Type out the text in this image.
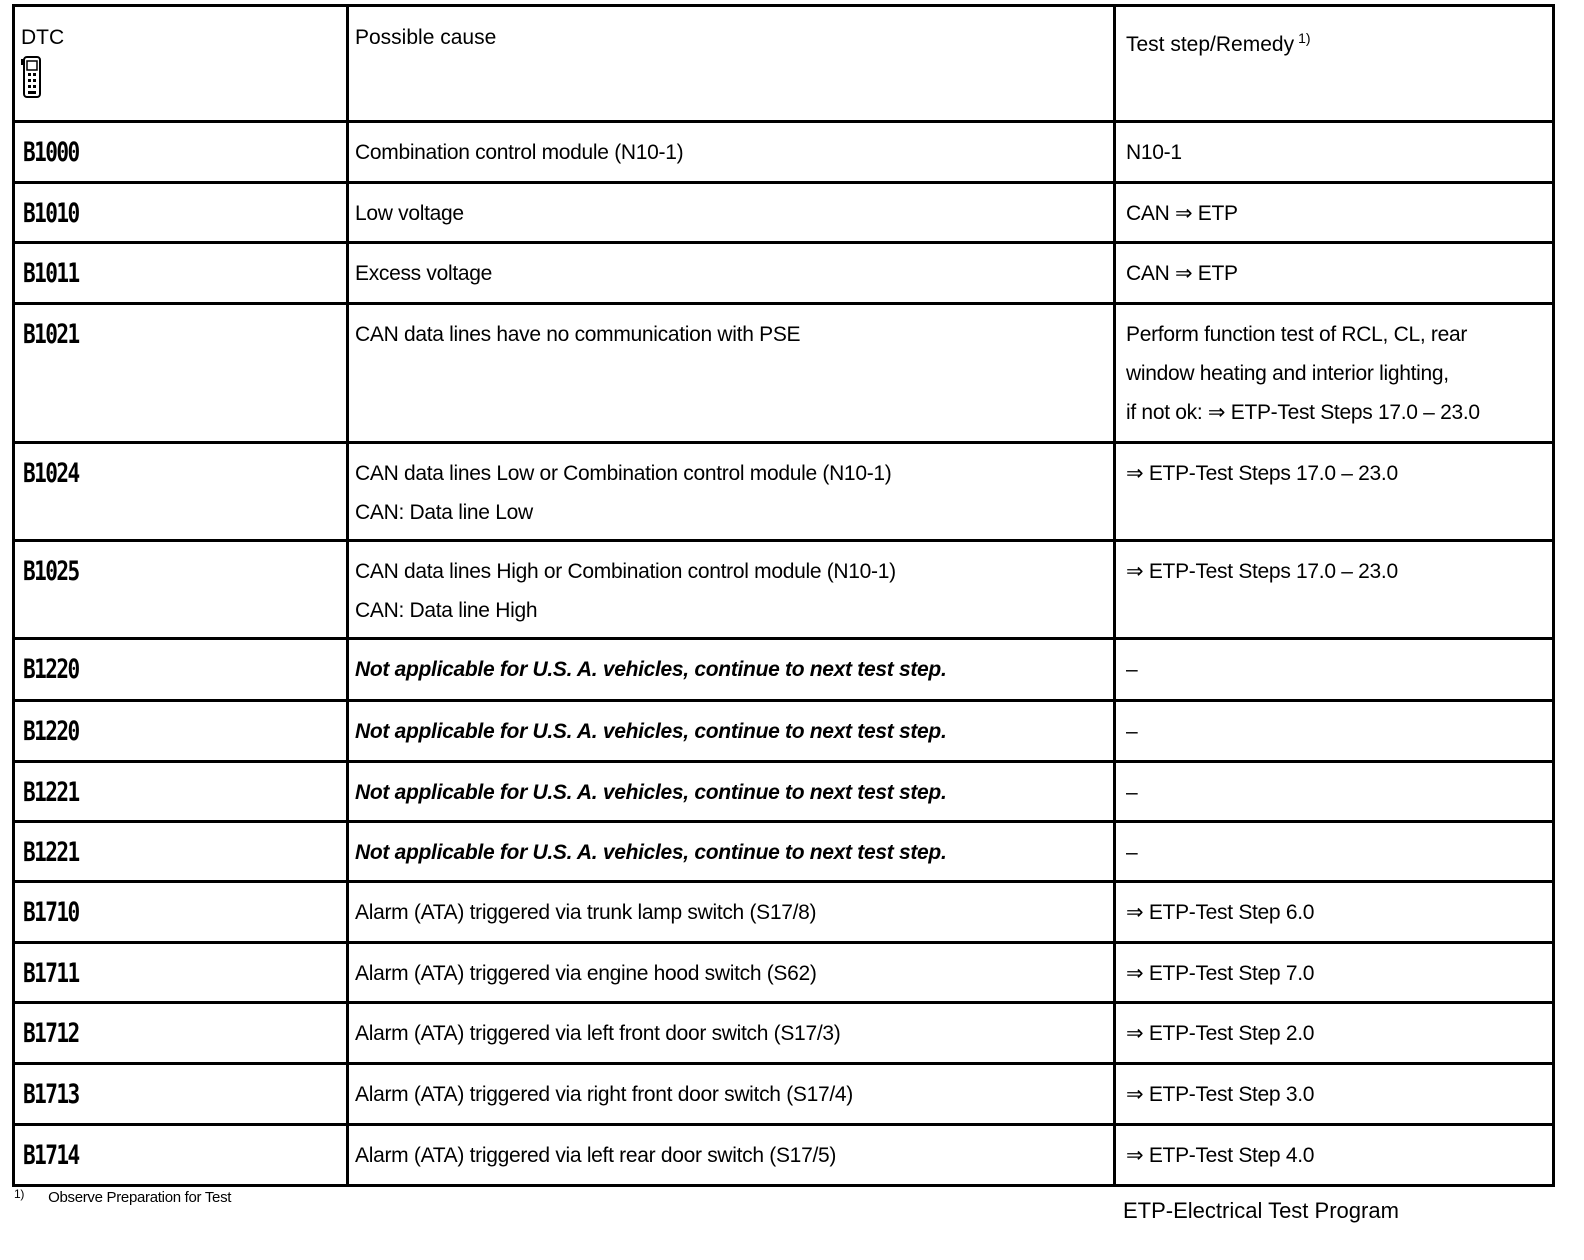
DTC	Possible cause	Test step/Remedy $^{1)}$

B1000	Combination control module (N10-1)	N10-1

B1010	Low voltage	CAN ⇒ ETP

B1011	Excess voltage	CAN ⇒ ETP

B1021	CAN data lines have no communication with PSE	Perform function test of RCL, CL, rear
window heating and interior lighting,
if not ok: ⇒ ETP-Test Steps 17.0 – 23.0

B1024	CAN data lines Low or Combination control module (N10-1)
CAN: Data line Low	⇒ ETP-Test Steps 17.0 – 23.0

B1025	CAN data lines High or Combination control module (N10-1)
CAN: Data line High	⇒ ETP-Test Steps 17.0 – 23.0

B1220	Not applicable for U.S. A. vehicles, continue to next test step.	–

B1220	Not applicable for U.S. A. vehicles, continue to next test step.	–

B1221	Not applicable for U.S. A. vehicles, continue to next test step.	–

B1221	Not applicable for U.S. A. vehicles, continue to next test step.	–

B1710	Alarm (ATA) triggered via trunk lamp switch (S17/8)	⇒ ETP-Test Step 6.0

B1711	Alarm (ATA) triggered via engine hood switch (S62)	⇒ ETP-Test Step 7.0

B1712	Alarm (ATA) triggered via left front door switch (S17/3)	⇒ ETP-Test Step 2.0

B1713	Alarm (ATA) triggered via right front door switch (S17/4)	⇒ ETP-Test Step 3.0

B1714	Alarm (ATA) triggered via left rear door switch (S17/5)	⇒ ETP-Test Step 4.0
$^{1)}$ Observe Preparation for Test
ETP-Electrical Test Program
